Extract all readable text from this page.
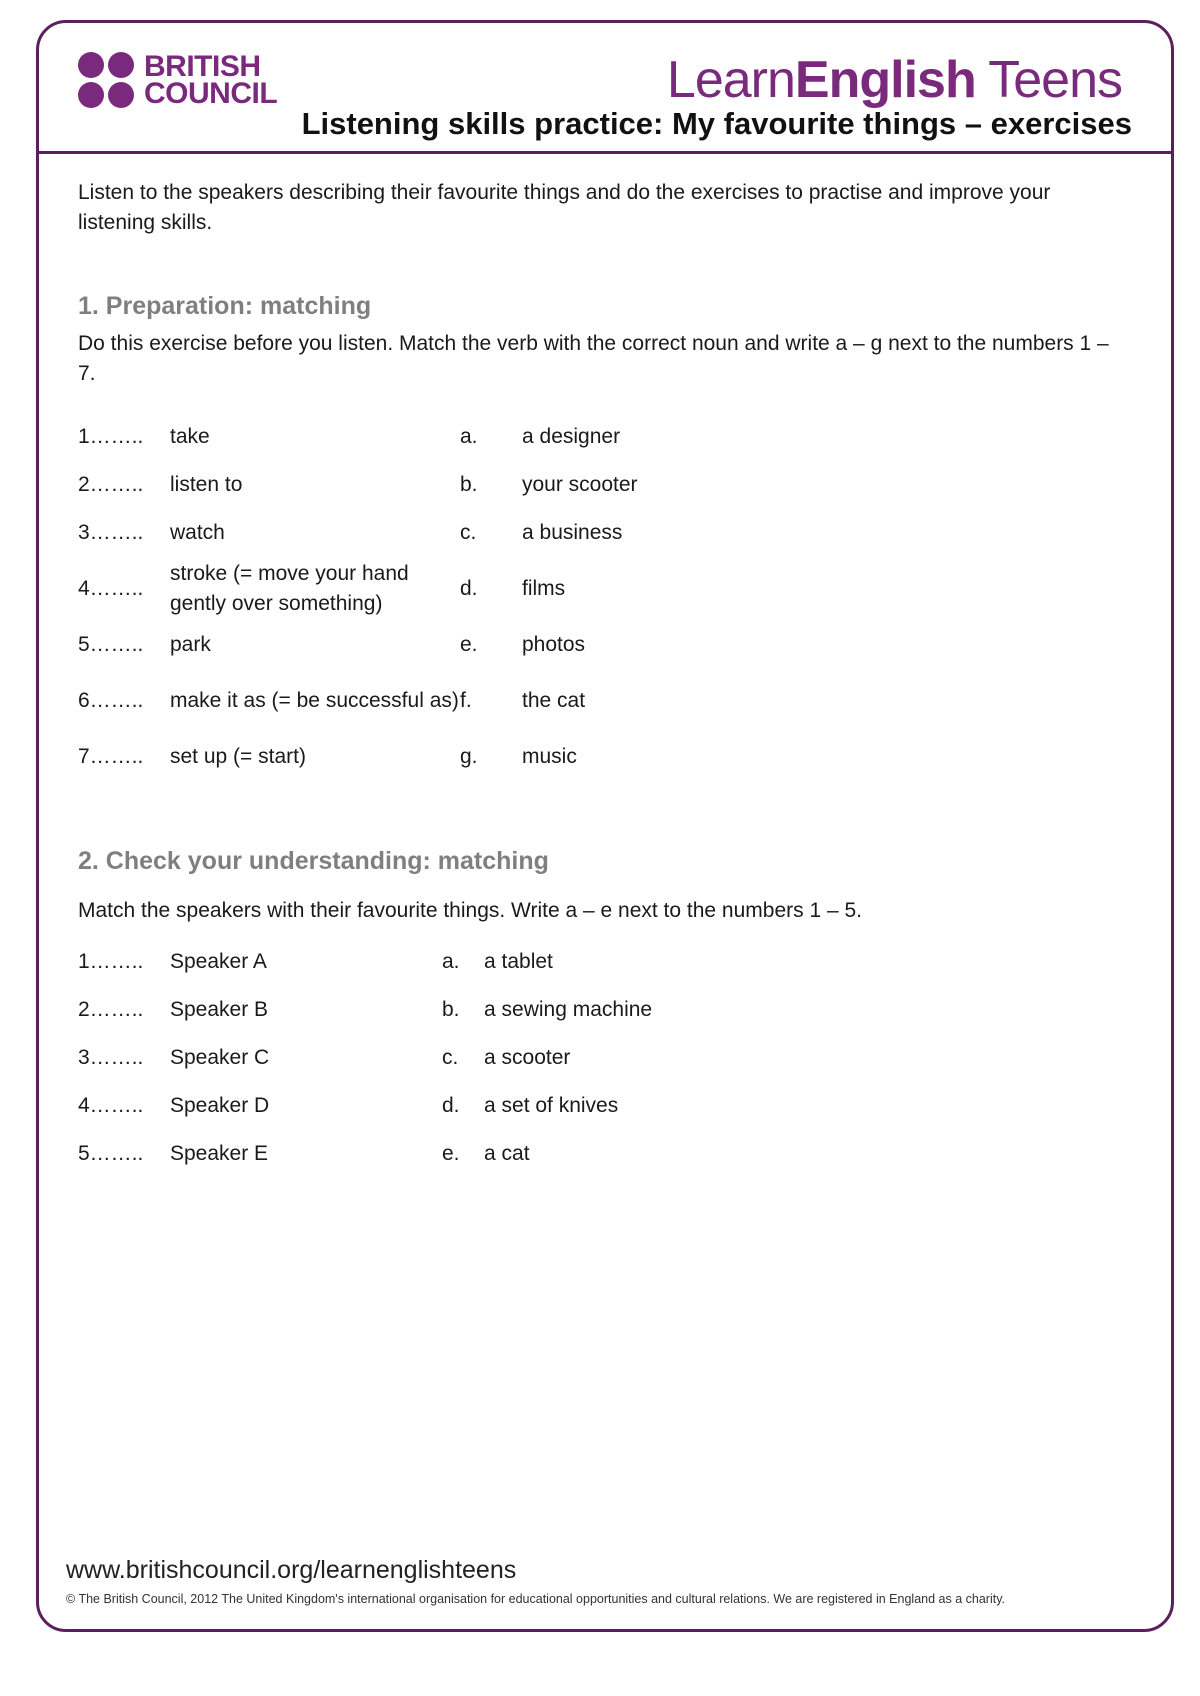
BRITISH
COUNCIL	LearnEnglish Teens
Listening skills practice: My favourite things – exercises

Listen to the speakers describing their favourite things and do the exercises to practise and improve your listening skills.

1. Preparation: matching

Do this exercise before you listen. Match the verb with the correct noun and write a – g next to the numbers 1 – 7.

1……..	take	a.	a designer
2……..	listen to	b.	your scooter
3……..	watch	c.	a business
4……..	stroke (= move your hand gently over something)	d.	films
5……..	park	e.	photos
6……..	make it as (= be successful as)	f.	the cat
7……..	set up (= start)	g.	music
2. Check your understanding: matching

Match the speakers with their favourite things. Write a – e next to the numbers 1 – 5.

1……..	Speaker A	a.	a tablet
2……..	Speaker B	b.	a sewing machine
3……..	Speaker C	c.	a scooter
4……..	Speaker D	d.	a set of knives
5……..	Speaker E	e.	a cat
www.britishcouncil.org/learnenglishteens
© The British Council, 2012 The United Kingdom's international organisation for educational opportunities and cultural relations. We are registered in England as a charity.
